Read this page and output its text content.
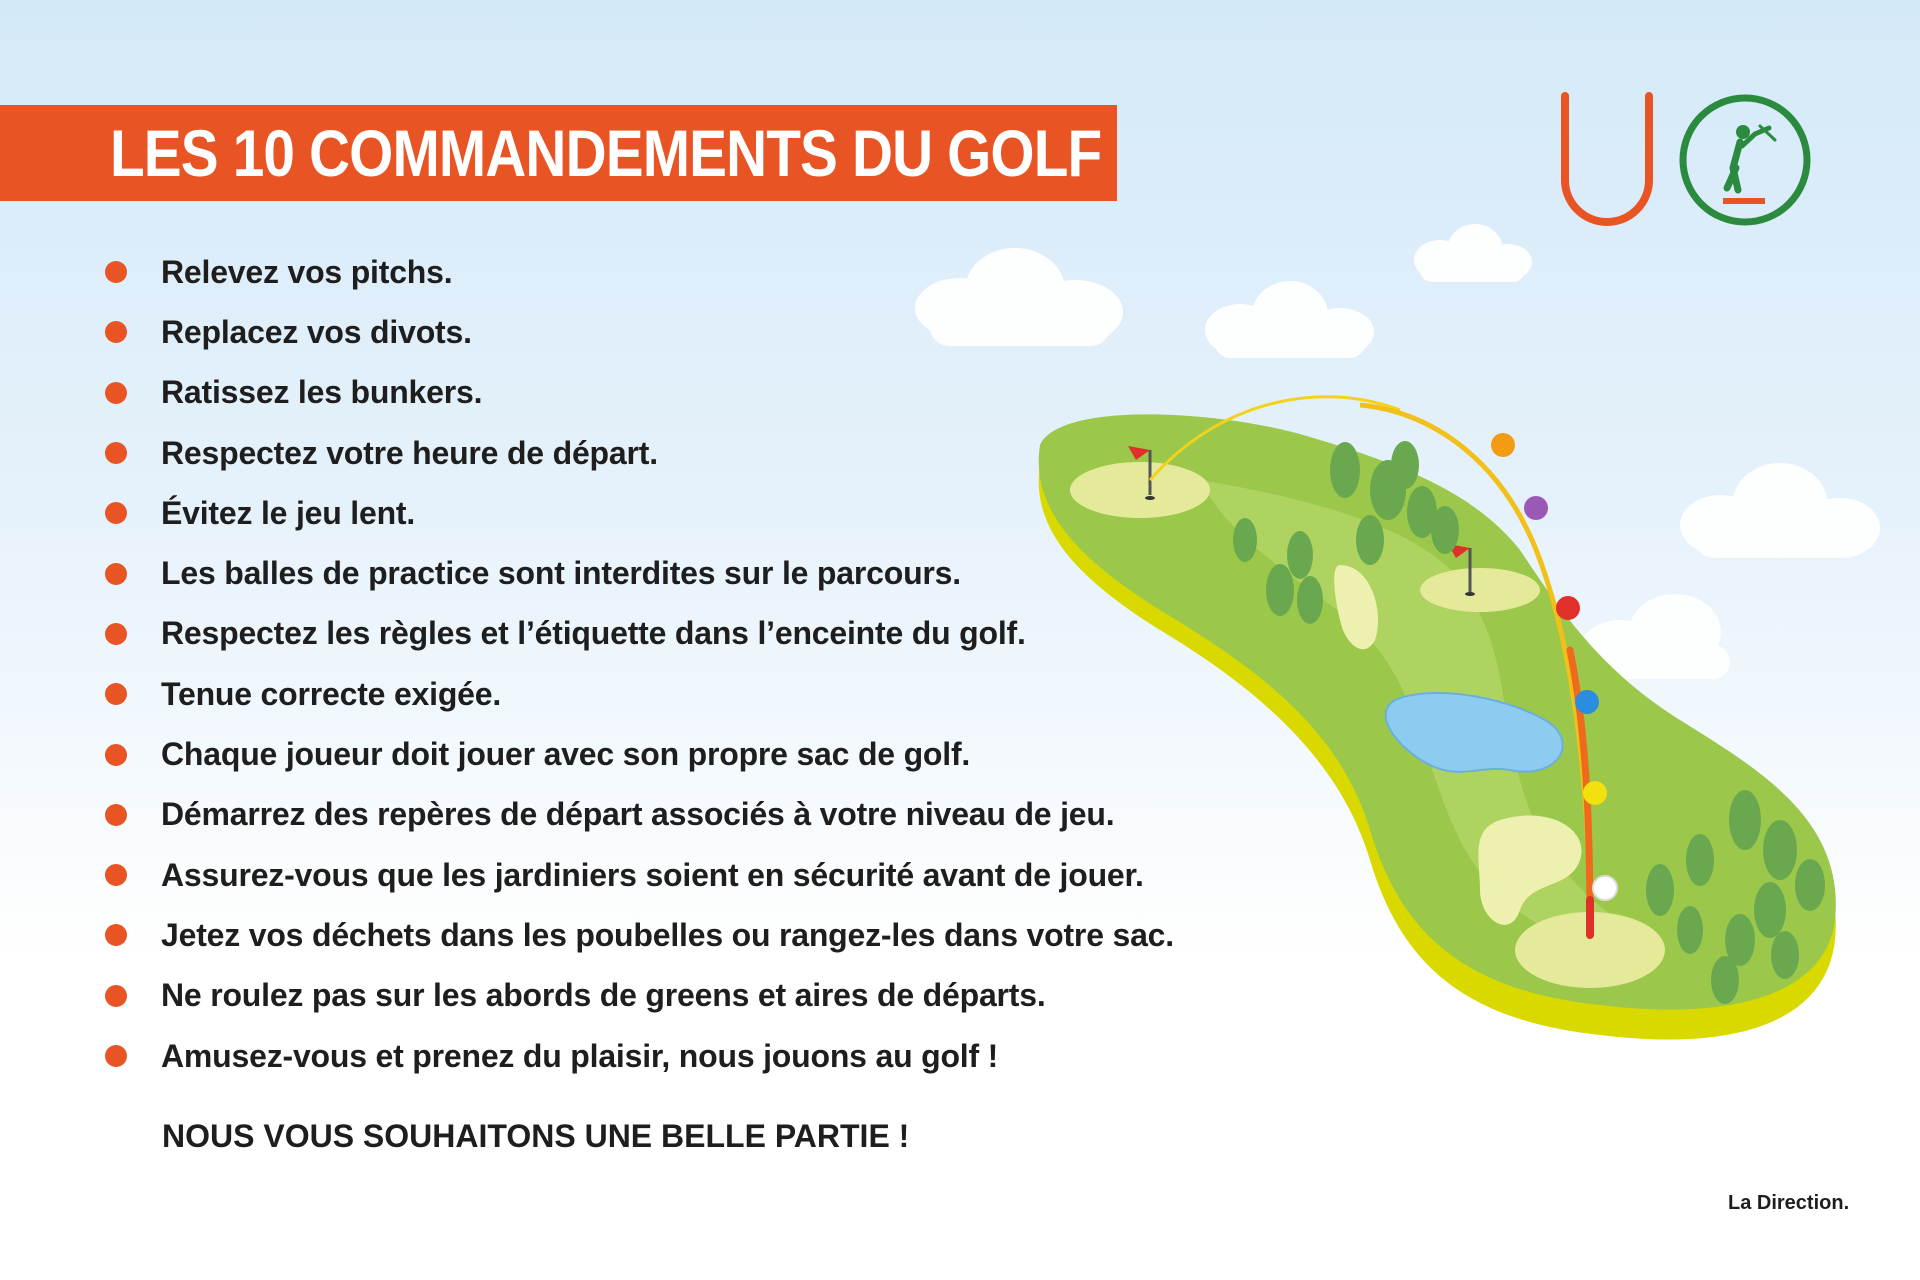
LES 10 COMMANDEMENTS DU GOLF
Relevez vos pitchs.
Replacez vos divots.
Ratissez les bunkers.
Respectez votre heure de départ.
Évitez le jeu lent.
Les balles de practice sont interdites sur le parcours.
Respectez les règles et l’étiquette dans l’enceinte du golf.
Tenue correcte exigée.
Chaque joueur doit jouer avec son propre sac de golf.
Démarrez des repères de départ associés à votre niveau de jeu.
Assurez-vous que les jardiniers soient en sécurité avant de jouer.
Jetez vos déchets dans les poubelles ou rangez-les dans votre sac.
Ne roulez pas sur les abords de greens et aires de départs.
Amusez-vous et prenez du plaisir, nous jouons au golf !
NOUS VOUS SOUHAITONS UNE BELLE PARTIE !
La Direction.
